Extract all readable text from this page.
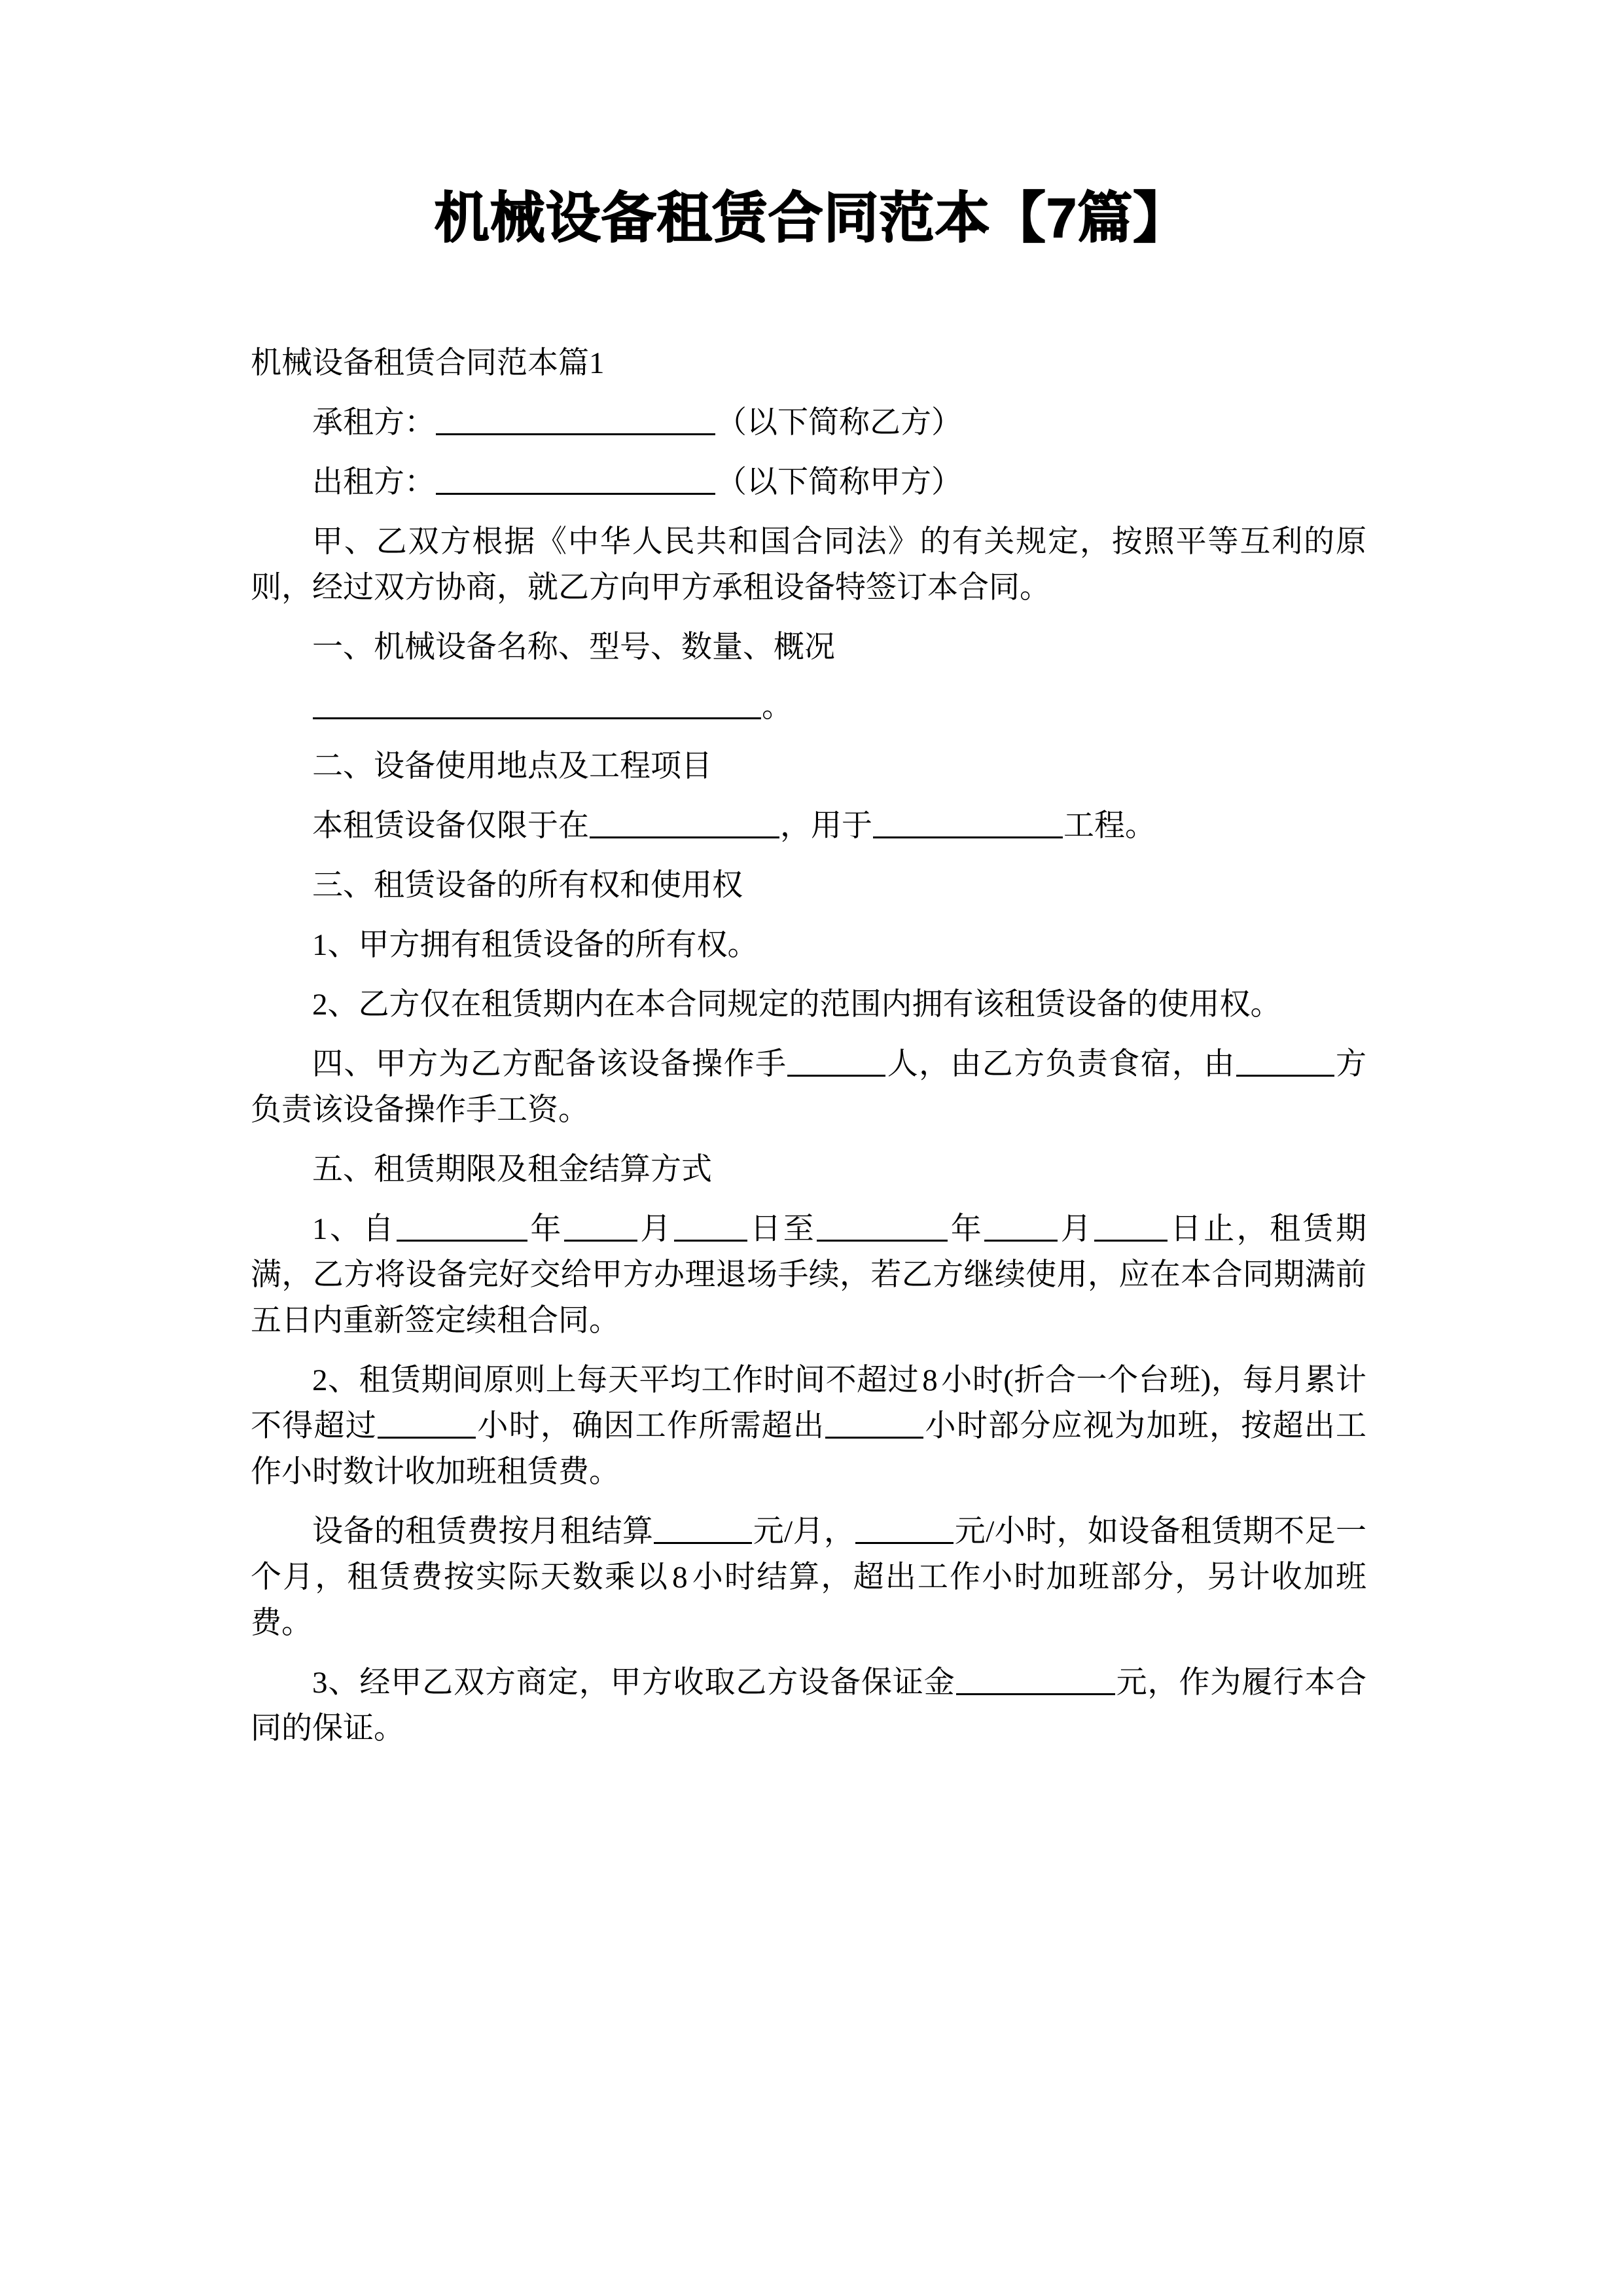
机械设备租赁合同范本【7篇】

机械设备租赁合同范本篇1

承租方：	（以下简称乙方）

出租方：	（以下简称甲方）

甲、乙双方根据《中华人民共和国合同法》的有关规定，按照平等互利的原则，经过双方协商，就乙方向甲方承租设备特签订本合同。

一、机械设备名称、型号、数量、概况

。

二、设备使用地点及工程项目

本租赁设备仅限于在	，用于	工程。

三、租赁设备的所有权和使用权

1、甲方拥有租赁设备的所有权。

2、乙方仅在租赁期内在本合同规定的范围内拥有该租赁设备的使用权。

四、甲方为乙方配备该设备操作手	人，由乙方负责食宿，由	方负责该设备操作手工资。

五、租赁期限及租金结算方式

1、自	年 月 日至	年 月 日止，租赁期满，乙方将设备完好交给甲方办理退场手续，若乙方继续使用，应在本合同期满前五日内重新签定续租合同。

2、租赁期间原则上每天平均工作时间不超过 8 小时(折合一个台班)，每月累计不得超过	小时，确因工作所需超出	小时部分应视为加班，按超出工作小时数计收加班租赁费。

设备的租赁费按月租结算	元/月，	元/小时，如设备租赁期不足一个月，租赁费按实际天数乘以 8 小时结算，超出工作小时加班部分，另计收加班费。

3、经甲乙双方商定，甲方收取乙方设备保证金	元，作为履行本合同的保证。
